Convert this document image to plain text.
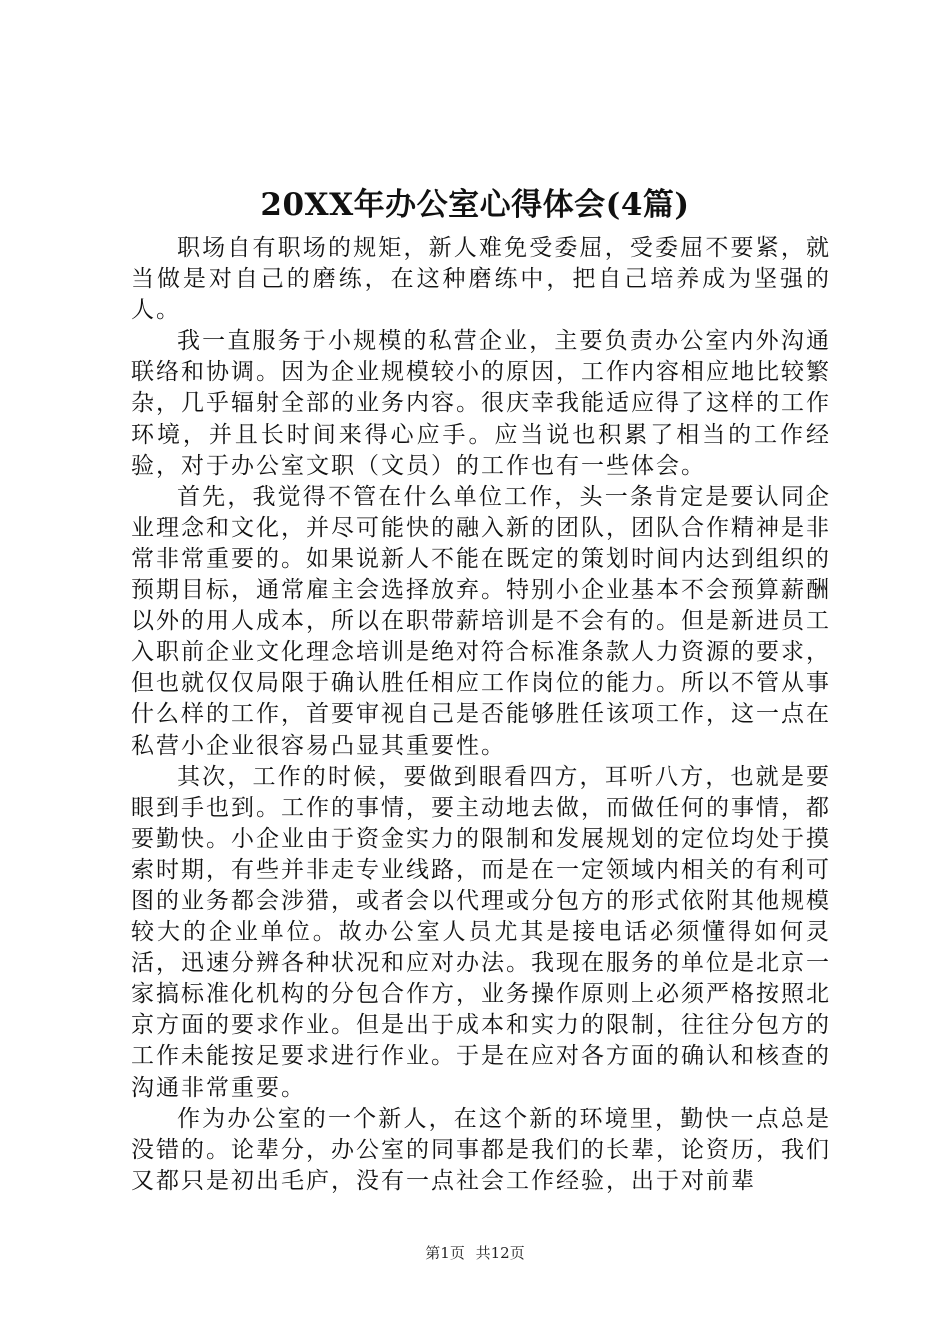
20XX年办公室心得体会(4篇)

职场自有职场的规矩，新人难免受委屈，受委屈不要紧，就当做是对自己的磨练，在这种磨练中，把自己培养成为坚强的人。

我一直服务于小规模的私营企业，主要负责办公室内外沟通联络和协调。因为企业规模较小的原因，工作内容相应地比较繁杂，几乎辐射全部的业务内容。很庆幸我能适应得了这样的工作环境，并且长时间来得心应手。应当说也积累了相当的工作经验，对于办公室文职（文员）的工作也有一些体会。

首先，我觉得不管在什么单位工作，头一条肯定是要认同企业理念和文化，并尽可能快的融入新的团队，团队合作精神是非常非常重要的。如果说新人不能在既定的策划时间内达到组织的预期目标，通常雇主会选择放弃。特别小企业基本不会预算薪酬以外的用人成本，所以在职带薪培训是不会有的。但是新进员工入职前企业文化理念培训是绝对符合标准条款人力资源的要求，但也就仅仅局限于确认胜任相应工作岗位的能力。所以不管从事什么样的工作，首要审视自己是否能够胜任该项工作，这一点在私营小企业很容易凸显其重要性。

其次，工作的时候，要做到眼看四方，耳听八方，也就是要眼到手也到。工作的事情，要主动地去做，而做任何的事情，都要勤快。小企业由于资金实力的限制和发展规划的定位均处于摸索时期，有些并非走专业线路，而是在一定领域内相关的有利可图的业务都会涉猎，或者会以代理或分包方的形式依附其他规模较大的企业单位。故办公室人员尤其是接电话必须懂得如何灵活，迅速分辨各种状况和应对办法。我现在服务的单位是北京一家搞标准化机构的分包合作方，业务操作原则上必须严格按照北京方面的要求作业。但是出于成本和实力的限制，往往分包方的工作未能按足要求进行作业。于是在应对各方面的确认和核查的沟通非常重要。

作为办公室的一个新人，在这个新的环境里，勤快一点总是没错的。论辈分，办公室的同事都是我们的长辈，论资历，我们又都只是初出毛庐，没有一点社会工作经验，出于对前辈

第1页 共12页
